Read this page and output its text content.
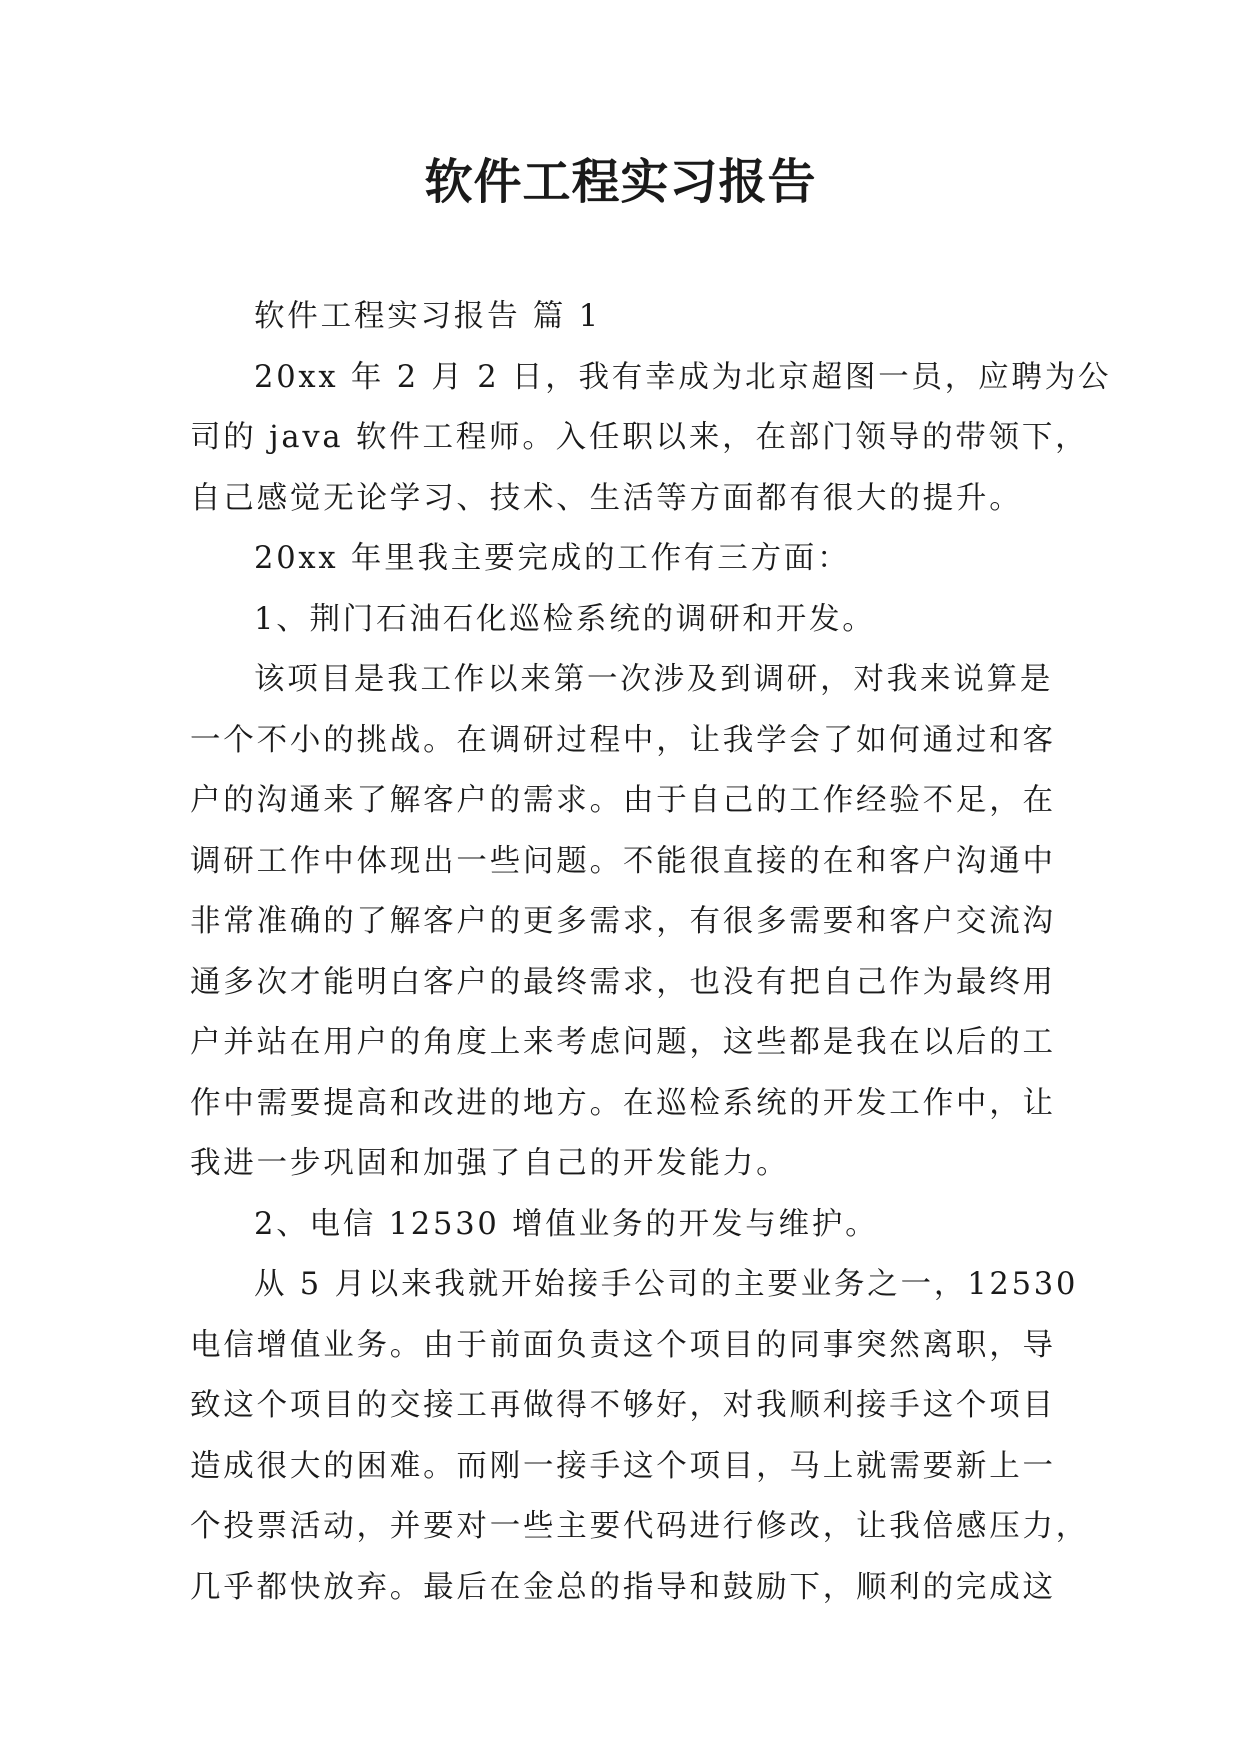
软件工程实习报告
软件工程实习报告 篇 1
20xx 年 2 月 2 日，我有幸成为北京超图一员，应聘为公
司的 java 软件工程师。入任职以来，在部门领导的带领下，
自己感觉无论学习、技术、生活等方面都有很大的提升。
20xx 年里我主要完成的工作有三方面：
1、荆门石油石化巡检系统的调研和开发。
该项目是我工作以来第一次涉及到调研，对我来说算是
一个不小的挑战。在调研过程中，让我学会了如何通过和客
户的沟通来了解客户的需求。由于自己的工作经验不足，在
调研工作中体现出一些问题。不能很直接的在和客户沟通中
非常准确的了解客户的更多需求，有很多需要和客户交流沟
通多次才能明白客户的最终需求，也没有把自己作为最终用
户并站在用户的角度上来考虑问题，这些都是我在以后的工
作中需要提高和改进的地方。在巡检系统的开发工作中，让
我进一步巩固和加强了自己的开发能力。
2、电信 12530 增值业务的开发与维护。
从 5 月以来我就开始接手公司的主要业务之一，12530
电信增值业务。由于前面负责这个项目的同事突然离职，导
致这个项目的交接工再做得不够好，对我顺利接手这个项目
造成很大的困难。而刚一接手这个项目，马上就需要新上一
个投票活动，并要对一些主要代码进行修改，让我倍感压力，
几乎都快放弃。最后在金总的指导和鼓励下，顺利的完成这
